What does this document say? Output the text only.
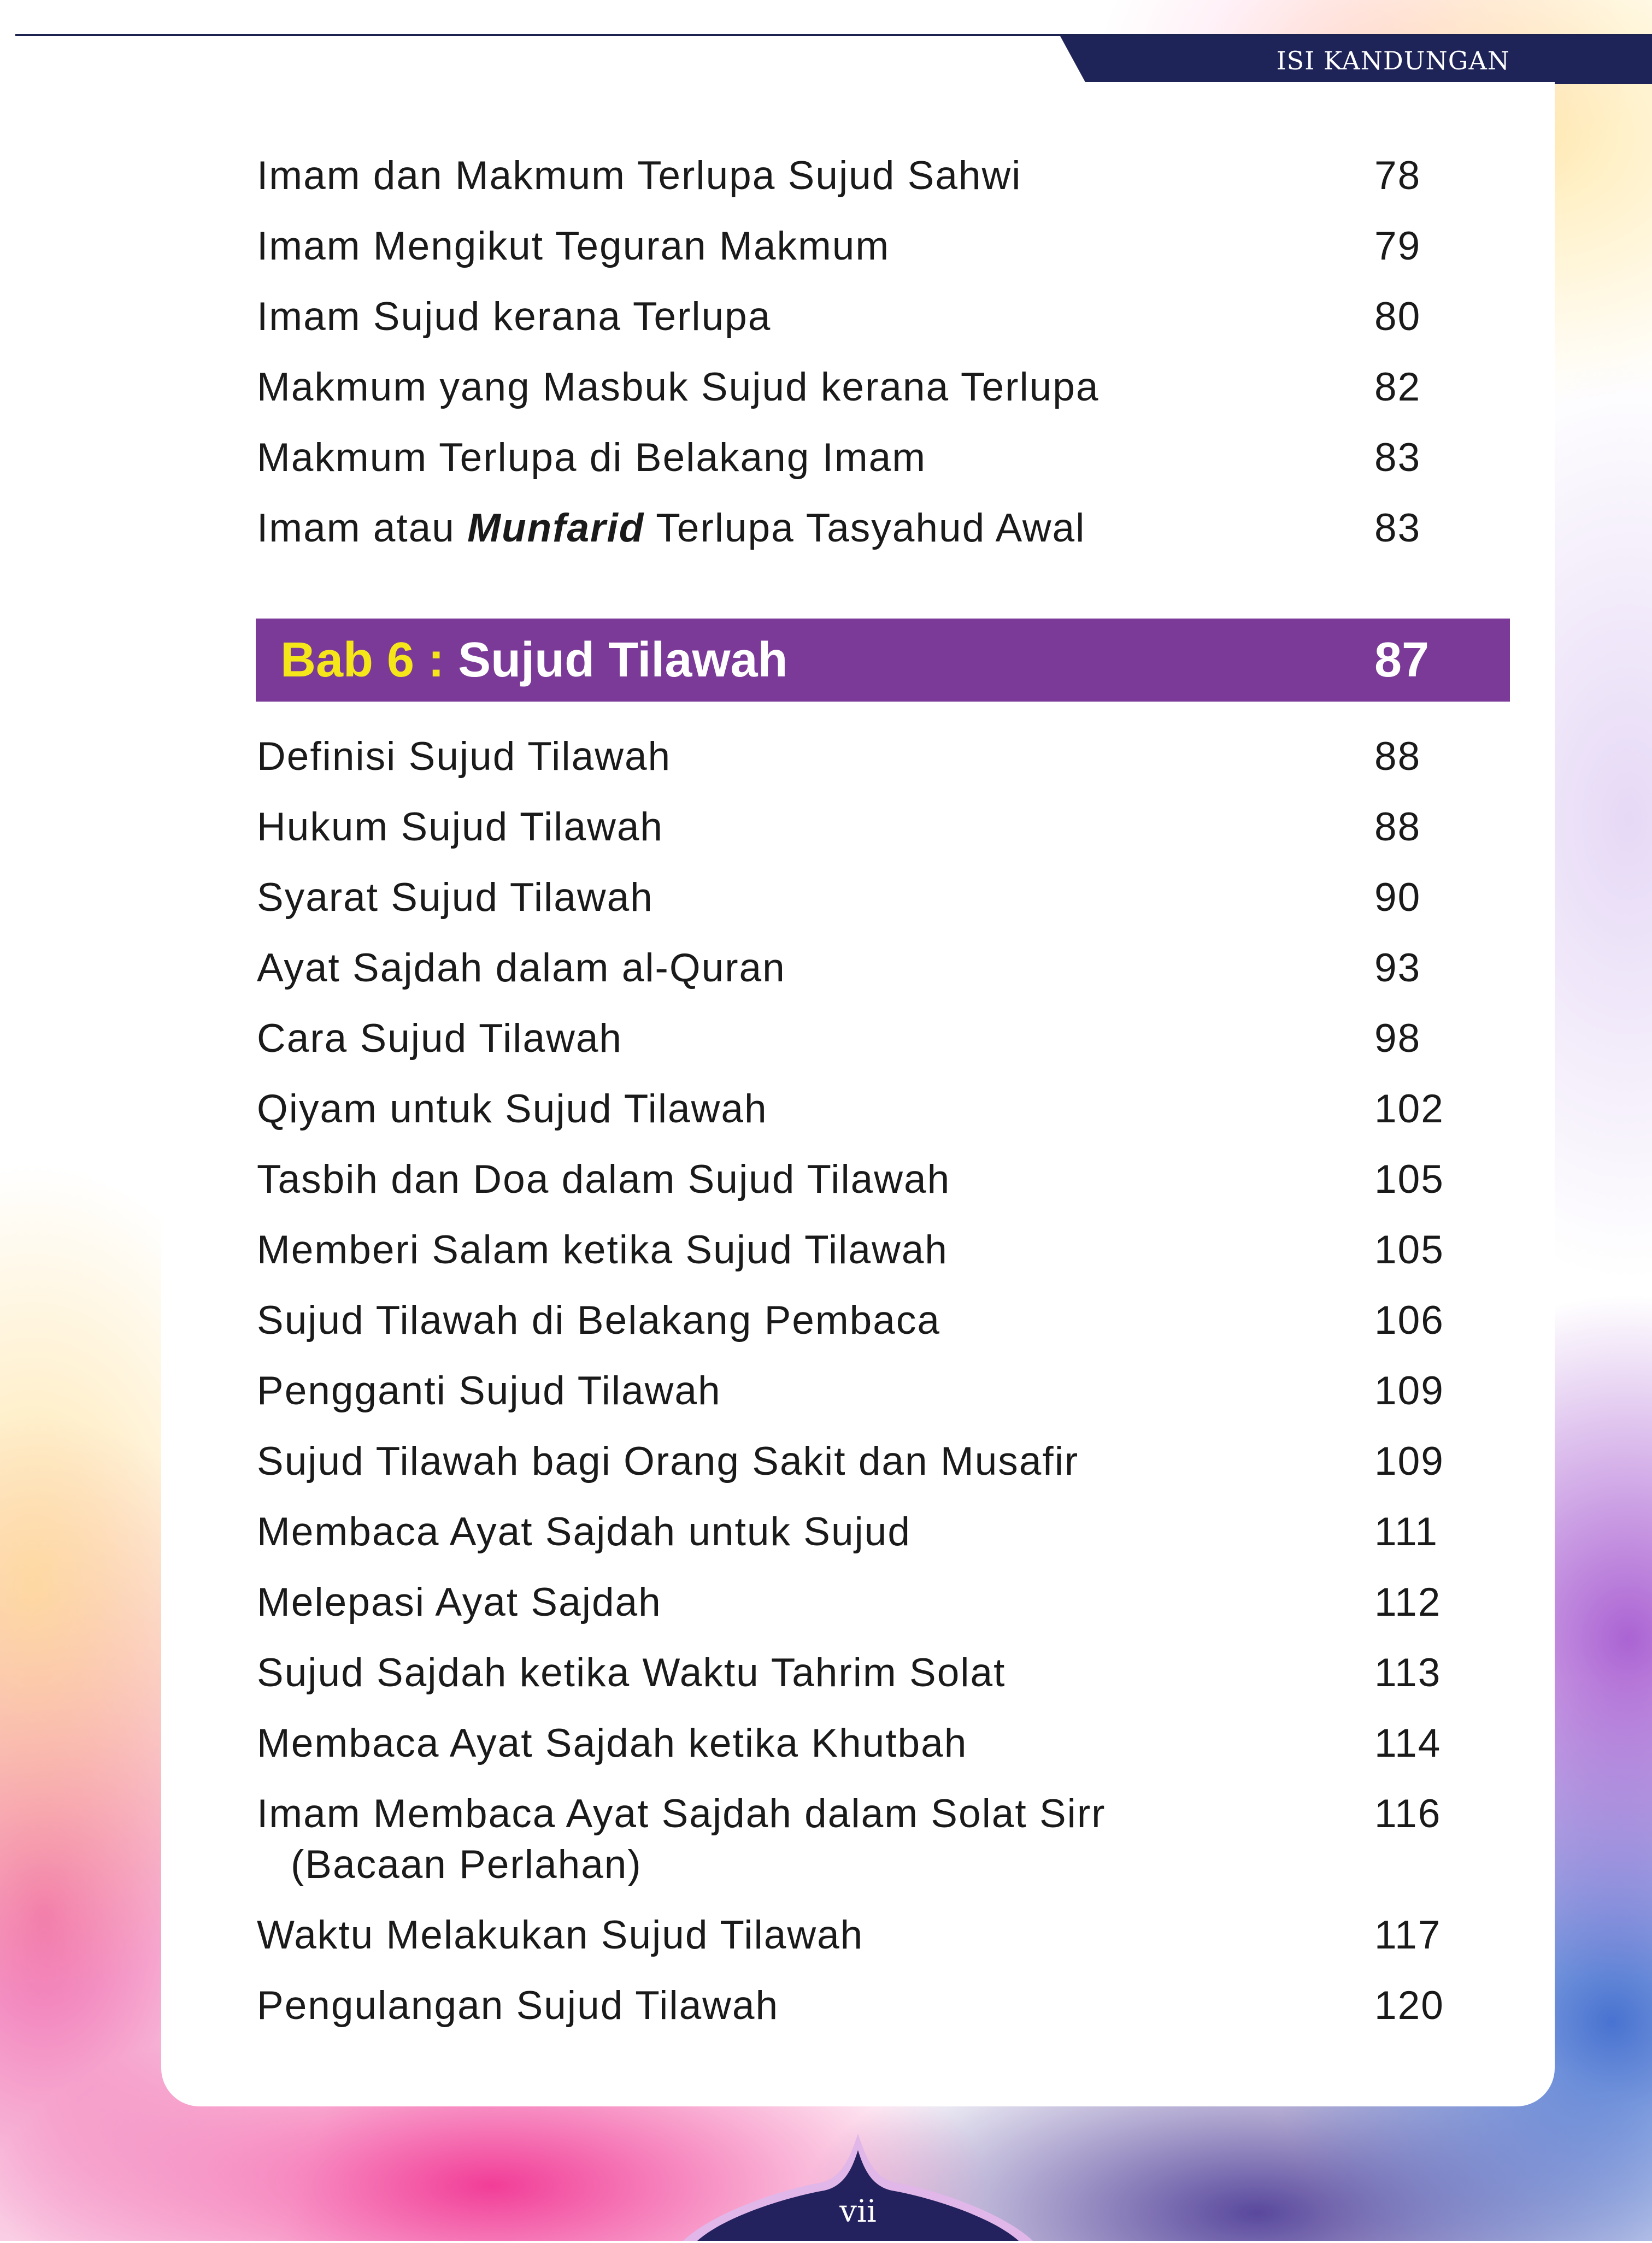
ISI KANDUNGAN
Imam dan Makmum Terlupa Sujud Sahwi	78
Imam Mengikut Teguran Makmum	79
Imam Sujud kerana Terlupa	80
Makmum yang Masbuk Sujud kerana Terlupa	82
Makmum Terlupa di Belakang Imam	83
Imam atau Munfarid Terlupa Tasyahud Awal	83
Bab 6 : Sujud Tilawah	87
Definisi Sujud Tilawah	88
Hukum Sujud Tilawah	88
Syarat Sujud Tilawah	90
Ayat Sajdah dalam al-Quran	93
Cara Sujud Tilawah	98
Qiyam untuk Sujud Tilawah	102
Tasbih dan Doa dalam Sujud Tilawah	105
Memberi Salam ketika Sujud Tilawah	105
Sujud Tilawah di Belakang Pembaca	106
Pengganti Sujud Tilawah	109
Sujud Tilawah bagi Orang Sakit dan Musafir	109
Membaca Ayat Sajdah untuk Sujud	111
Melepasi Ayat Sajdah	112
Sujud Sajdah ketika Waktu Tahrim Solat	113
Membaca Ayat Sajdah ketika Khutbah	114
Imam Membaca Ayat Sajdah dalam Solat Sirr
(Bacaan Perlahan)
116
Waktu Melakukan Sujud Tilawah	117
Pengulangan Sujud Tilawah	120
vii
